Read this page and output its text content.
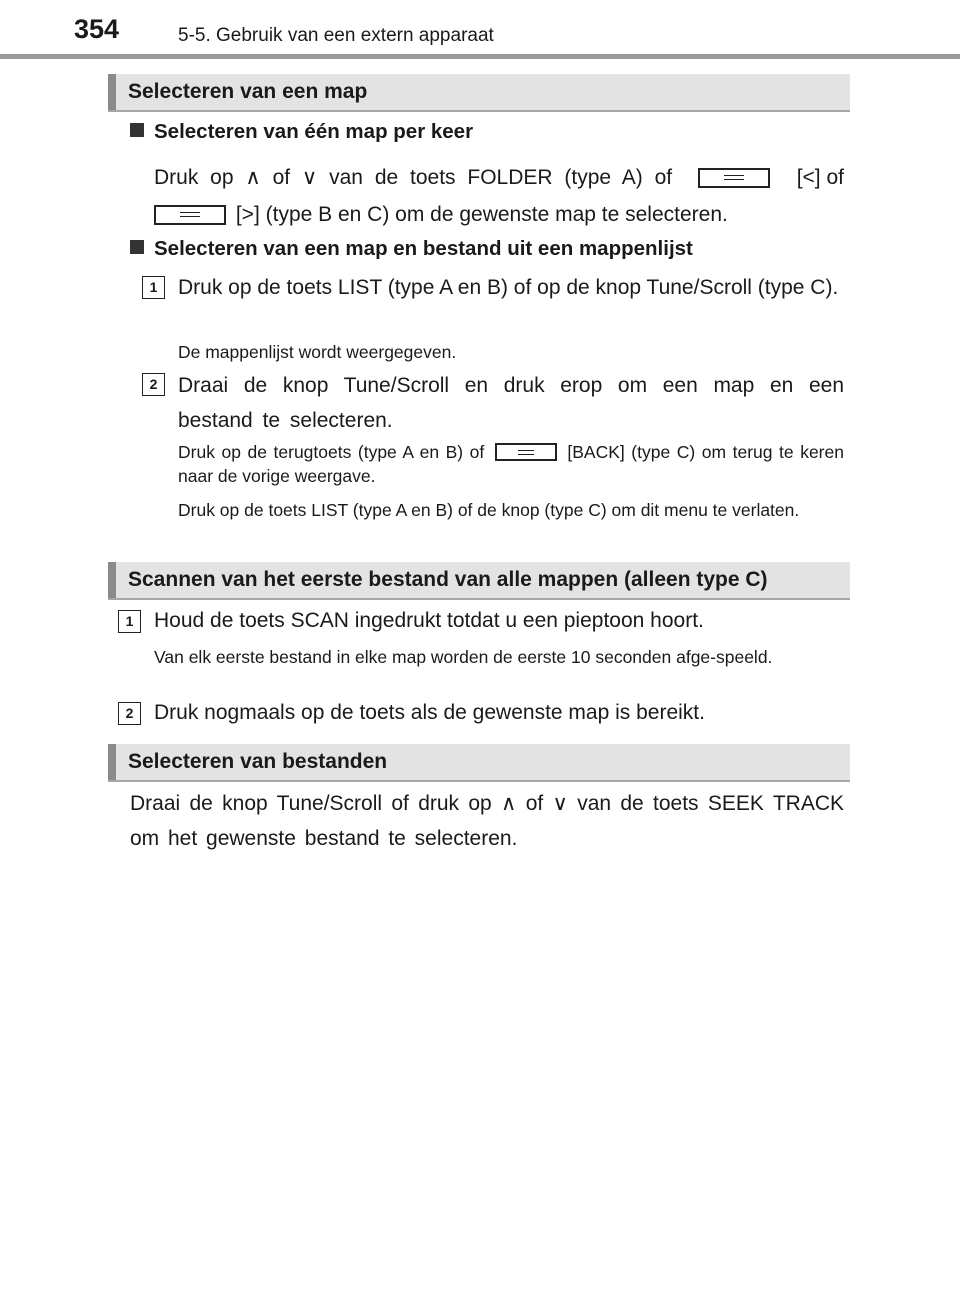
354	5-5. Gebruik van een extern apparaat
Selecteren van een map
Selecteren van één map per keer
Druk op ∧ of ∨ van de toets FOLDER (type A) of	[<] of
[>] (type B en C) om de gewenste map te selecteren.
Selecteren van een map en bestand uit een mappenlijst
1 Druk op de toets LIST (type A en B) of op de knop Tune/Scroll (type C).
De mappenlijst wordt weergegeven.
2 Draai de knop Tune/Scroll en druk erop om een map en een bestand te selecteren.
Druk op de terugtoets (type A en B) of	[BACK] (type C) om terug te keren naar de vorige weergave.
Druk op de toets LIST (type A en B) of de knop (type C) om dit menu te verlaten.
Scannen van het eerste bestand van alle mappen (alleen type C)
1 Houd de toets SCAN ingedrukt totdat u een pieptoon hoort.
Van elk eerste bestand in elke map worden de eerste 10 seconden afge-speeld.
2 Druk nogmaals op de toets als de gewenste map is bereikt.
Selecteren van bestanden
Draai de knop Tune/Scroll of druk op ∧ of ∨ van de toets SEEK TRACK om het gewenste bestand te selecteren.
